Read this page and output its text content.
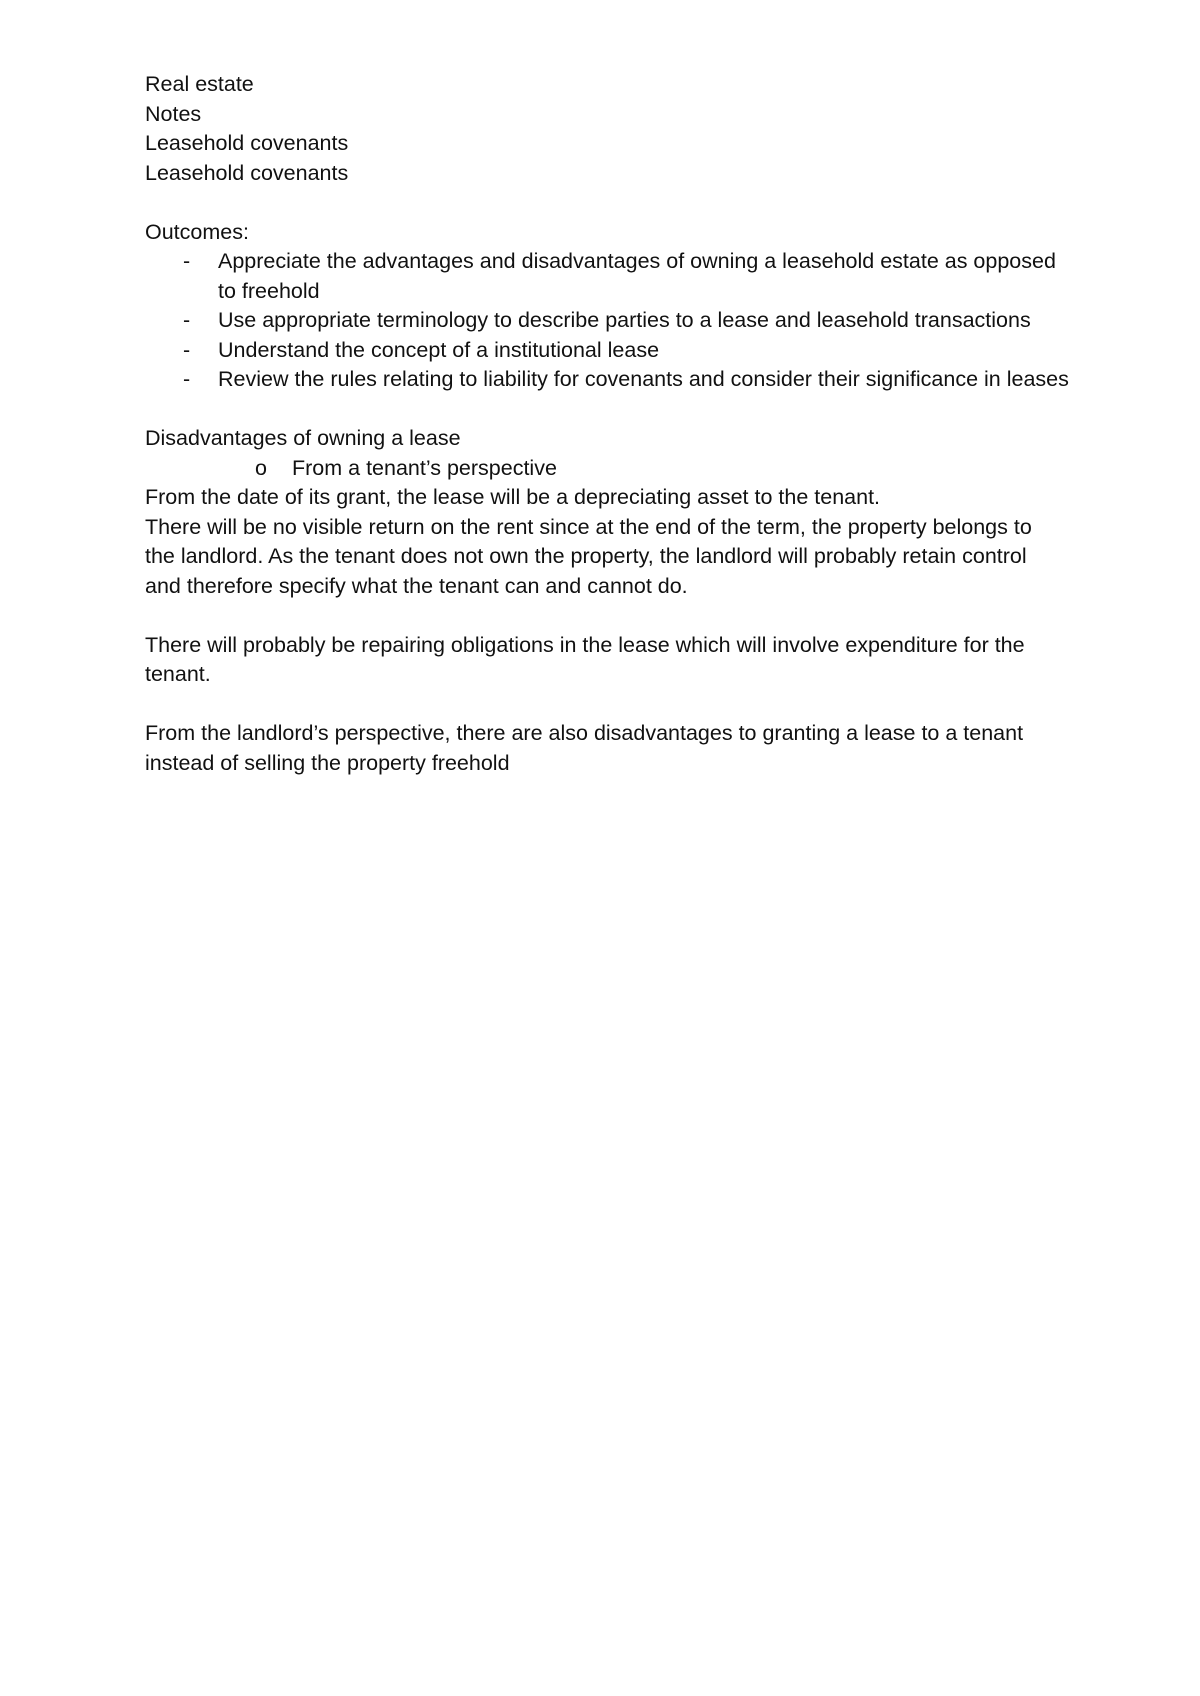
Real estate
Notes
Leasehold covenants
Leasehold covenants
Outcomes:
- Appreciate the advantages and disadvantages of owning a leasehold estate as opposed to freehold
- Use appropriate terminology to describe parties to a lease and leasehold transactions
- Understand the concept of a institutional lease
- Review the rules relating to liability for covenants and consider their significance in leases
Disadvantages of owning a lease
o From a tenant’s perspective
From the date of its grant, the lease will be a depreciating asset to the tenant.

There will be no visible return on the rent since at the end of the term, the property belongs to the landlord. As the tenant does not own the property, the landlord will probably retain control and therefore specify what the tenant can and cannot do.

There will probably be repairing obligations in the lease which will involve expenditure for the tenant.

From the landlord’s perspective, there are also disadvantages to granting a lease to a tenant instead of selling the property freehold
